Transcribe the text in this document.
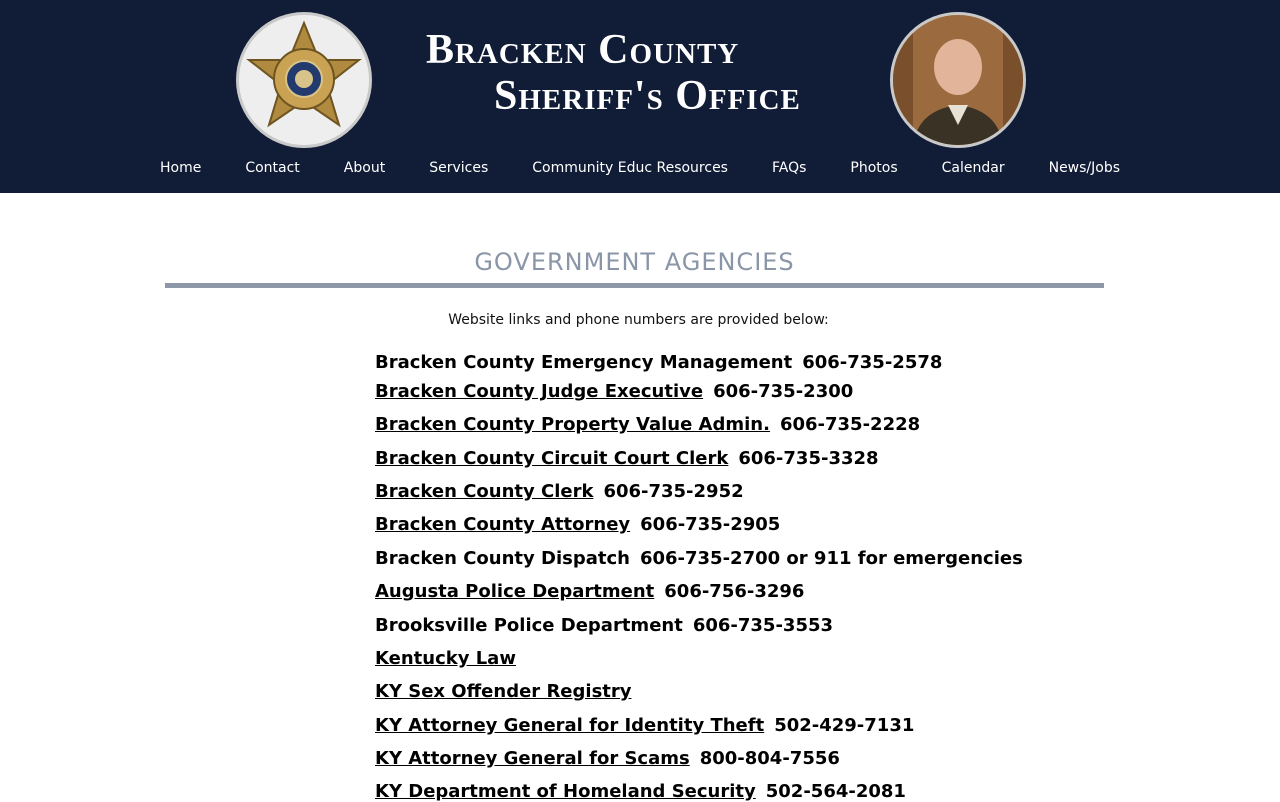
Bracken County
Sheriff's Office
Home	Contact	About	Services	Community Educ Resources	FAQs	Photos	Calendar	News/Jobs
GOVERNMENT AGENCIES
Website links and phone numbers are provided below:
Bracken County Emergency Management 606-735-2578
Bracken County Judge Executive 606-735-2300
Bracken County Property Value Admin. 606-735-2228
Bracken County Circuit Court Clerk 606-735-3328
Bracken County Clerk 606-735-2952
Bracken County Attorney 606-735-2905
Bracken County Dispatch 606-735-2700 or 911 for emergencies
Augusta Police Department 606-756-3296
Brooksville Police Department 606-735-3553
Kentucky Law
KY Sex Offender Registry
KY Attorney General for Identity Theft 502-429-7131
KY Attorney General for Scams 800-804-7556
KY Department of Homeland Security 502-564-2081
